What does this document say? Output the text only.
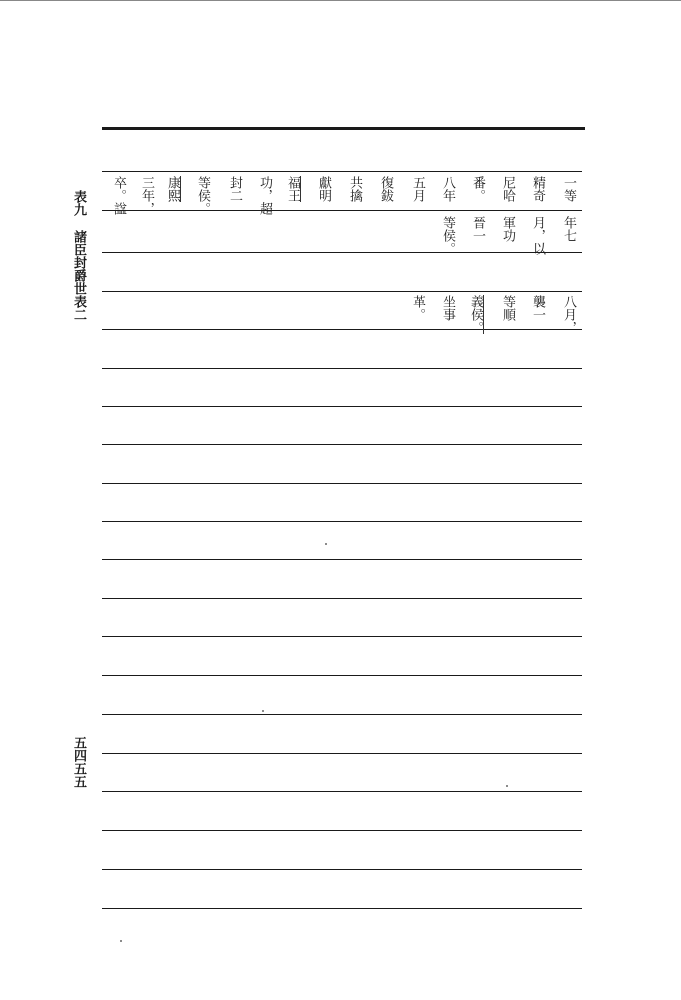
表九
諸臣封爵世表二
一等
精奇
尼哈
番。
八年
五月
復鈸
共擒
獻明
福王
功，超
封二
等侯。
康熙
三年，
卒。諡
年七
月，以
軍功
晉一
等侯。
八月，
襲一
等順
義侯。
坐事
革。
五四五五
